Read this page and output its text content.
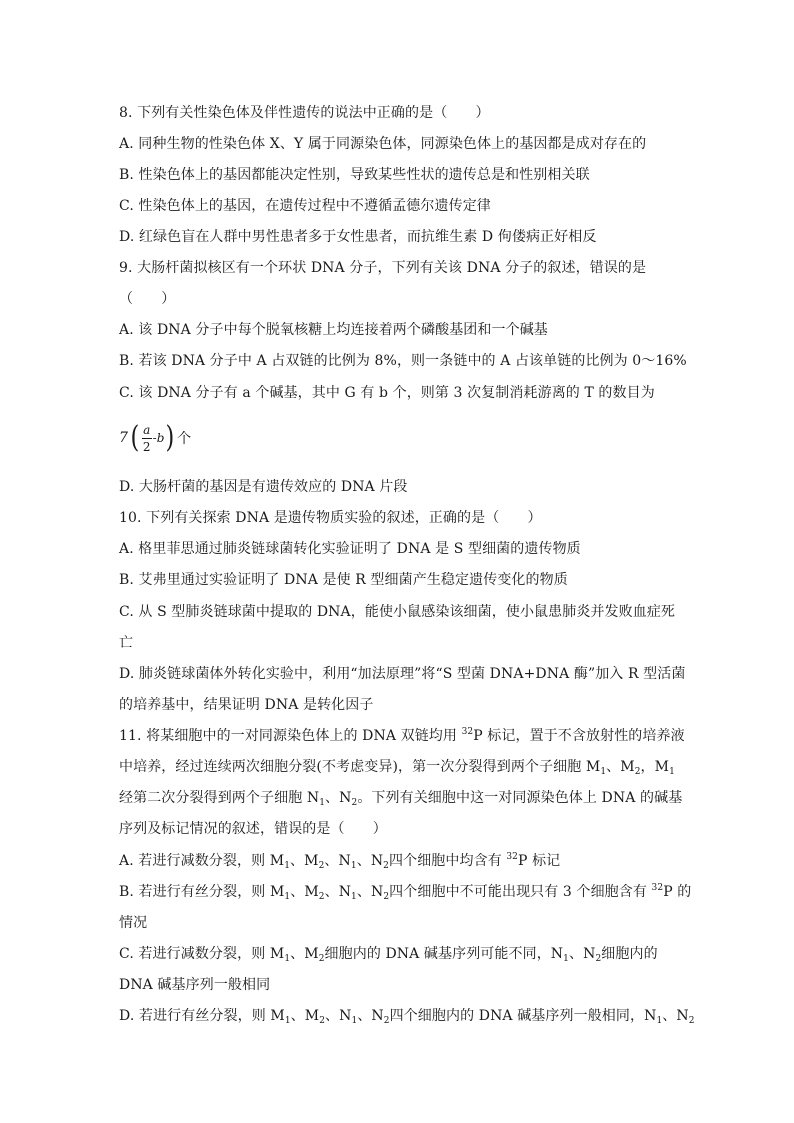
8. 下列有关性染色体及伴性遗传的说法中正确的是（　　）
A. 同种生物的性染色体 X、Y 属于同源染色体，同源染色体上的基因都是成对存在的
B. 性染色体上的基因都能决定性别，导致某些性状的遗传总是和性别相关联
C. 性染色体上的基因，在遗传过程中不遵循孟德尔遗传定律
D. 红绿色盲在人群中男性患者多于女性患者，而抗维生素 D 佝偻病正好相反
9. 大肠杆菌拟核区有一个环状 DNA 分子，下列有关该 DNA 分子的叙述，错误的是
（　　）
A. 该 DNA 分子中每个脱氧核糖上均连接着两个磷酸基团和一个碱基
B. 若该 DNA 分子中 A 占双链的比例为 8%，则一条链中的 A 占该单链的比例为 0～16%
C. 该 DNA 分子有 a 个碱基，其中 G 有 b 个，则第 3 次复制消耗游离的 T 的数目为
7 ( $\frac{a}{2} -b$ ) 个
D. 大肠杆菌的基因是有遗传效应的 DNA 片段
10. 下列有关探索 DNA 是遗传物质实验的叙述，正确的是（　　）
A. 格里菲思通过肺炎链球菌转化实验证明了 DNA 是 S 型细菌的遗传物质
B. 艾弗里通过实验证明了 DNA 是使 R 型细菌产生稳定遗传变化的物质
C. 从 S 型肺炎链球菌中提取的 DNA，能使小鼠感染该细菌，使小鼠患肺炎并发败血症死
亡
D. 肺炎链球菌体外转化实验中，利用“加法原理”将“S 型菌 DNA+DNA 酶”加入 R 型活菌
的培养基中，结果证明 DNA 是转化因子
11. 将某细胞中的一对同源染色体上的 DNA 双链均用 $^{32}$P 标记，置于不含放射性的培养液
中培养，经过连续两次细胞分裂(不考虑变异)，第一次分裂得到两个子细胞 $M_1$、$M_2$，$M_1$
经第二次分裂得到两个子细胞 $N_1$、$N_2$。下列有关细胞中这一对同源染色体上 DNA 的碱基
序列及标记情况的叙述，错误的是（　　）
A. 若进行减数分裂，则 $M_1$、$M_2$、$N_1$、$N_2$四个细胞中均含有 $^{32}$P 标记
B. 若进行有丝分裂，则 $M_1$、$M_2$、$N_1$、$N_2$四个细胞中不可能出现只有 3 个细胞含有 $^{32}$P 的
情况
C. 若进行减数分裂，则 $M_1$、$M_2$细胞内的 DNA 碱基序列可能不同，$N_1$、$N_2$细胞内的
DNA 碱基序列一般相同
D. 若进行有丝分裂，则 $M_1$、$M_2$、$N_1$、$N_2$四个细胞内的 DNA 碱基序列一般相同，$N_1$、$N_2$
